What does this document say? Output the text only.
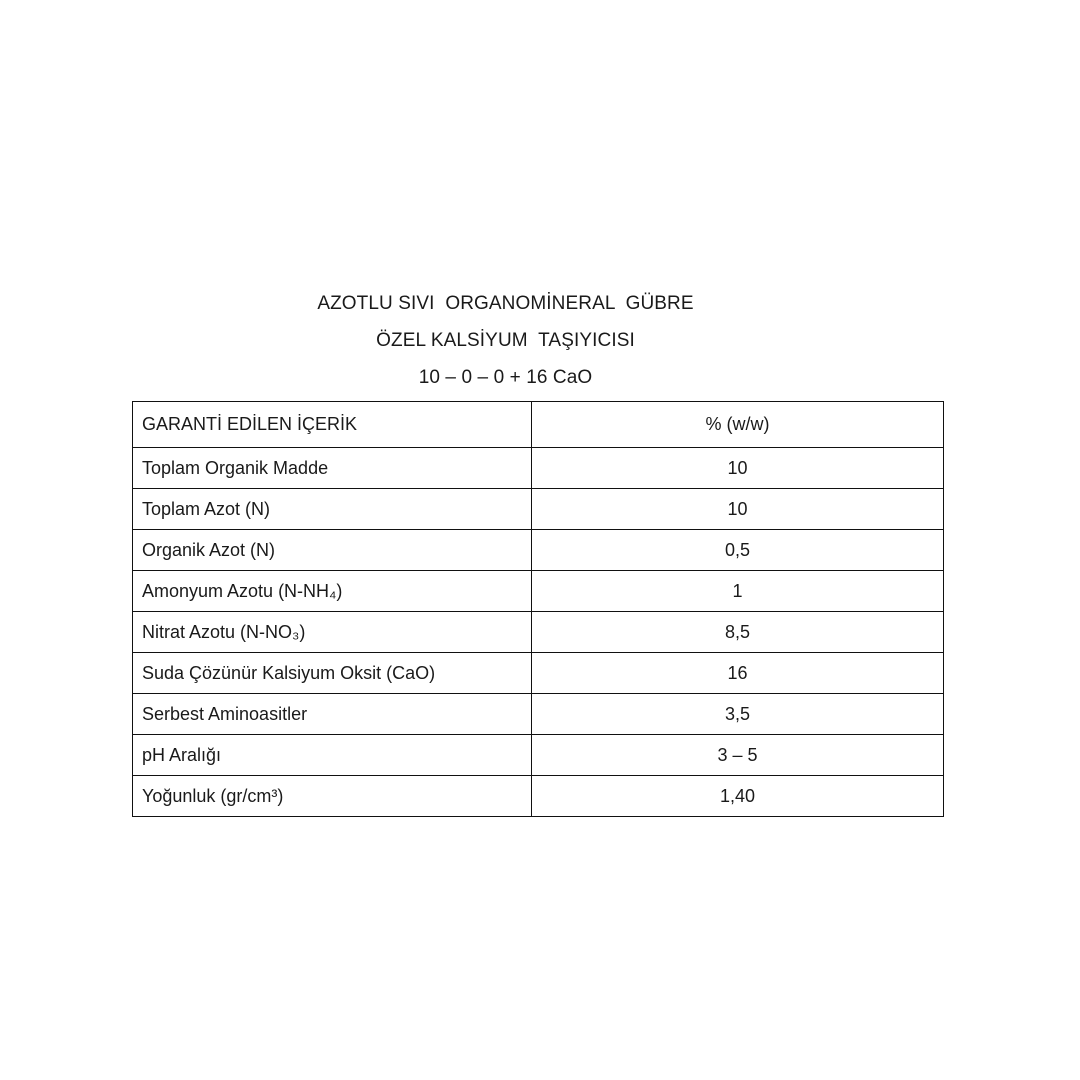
AZOTLU SIVI  ORGANOMİNERAL  GÜBRE
ÖZEL KALSİYUM  TAŞIYICISI
10 – 0 – 0 + 16 CaO
GARANTİ EDİLEN İÇERİK	% (w/w)
Toplam Organik Madde	10
Toplam Azot (N)	10
Organik Azot (N)	0,5
Amonyum Azotu (N-NH₄)	1
Nitrat Azotu (N-NO₃)	8,5
Suda Çözünür Kalsiyum Oksit (CaO)	16
Serbest Aminoasitler	3,5
pH Aralığı	3 – 5
Yoğunluk (gr/cm³)	1,40
